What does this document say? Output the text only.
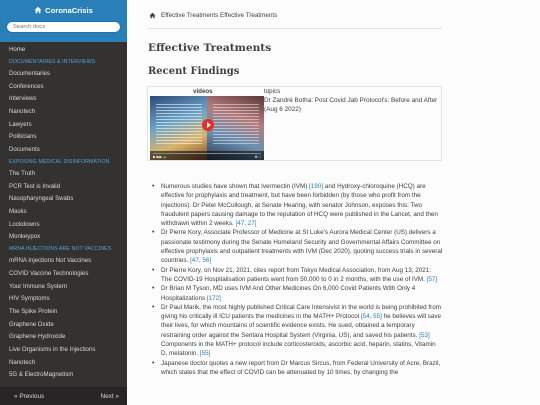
CoronaCrisis
Search docs
Home
DOCUMENTARIES & INTERVIEWS
Documentaries
Conferences
Interviews
Nanotech
Lawyers
Politicians
Documents
EXPOSING MEDICAL DISINFORMATION
The Truth
PCR Test is Invalid
Nasopharyngeal Swabs
Masks
Lockdowns
Monkeypox
MRNA INJECTIONS ARE NOT VACCINES
mRNA Injections Not Vaccines
COVID Vaccine Technologies
Your Immune System
HIV Symptoms
The Spike Protein
Graphene Oxide
Graphene Hydroxide
Live Organisms in the Injections
Nanotech
5G & ElectroMagnetism
« Previous	Next »
Effective Treatments Effective Treatments
Effective Treatments
Recent Findings
videos	topics
▶ ▶▶ 🔈	⚙ ⛶
Dr Zandré Botha: Post Covid Jab Protocol's: Before and After (Aug 6 2022)
• Numerous studies have shown that Ivermectin (IVM) [190] and Hydroxy-chloroquine (HCQ) are effective for prophylaxis and treatment, but have been forbidden (by those who profit from the injections). Dr Peter McCullough, at Senate Hearing, with senator Johnson, exposes this: Two fraudulent papers causing damage to the reputation of HCQ were published in the Lancet, and then withdrawn within 2 weeks. [47, 27]
• Dr Pierre Kory, Associate Professor of Medicine at St Luke's Aurora Medical Center (US) delivers a passionate testimony during the Senate Homeland Security and Governmental Affairs Committee on effective prophylaxis and outpatient treatments with IVM (Dec 2020), quoting success trials in several countries. [47, 56]
• Dr Pierre Kory, on Nov 21, 2021, cites report from Tokyo Medical Association, from Aug 13, 2021: The COVID-19 Hospitalisation patients went from 50,000 to 0 in 2 months, with the use of IVM. [57]
• Dr Brian M Tyson, MD uses IVM And Other Medicines On 6,000 Covid Patients With Only 4 Hospitalizations [172]
• Dr Paul Marik, the most highly published Critical Care Intensivist in the world is being prohibited from giving his critically ill ICU patients the medicines in the MATH+ Protocol [54, 55] he believes will save their lives, for which mountains of scientific evidence exists. He sued, obtained a temporary restraining order against the Sentara Hospital System (Virginia, US), and saved his patients. [53] Components in the MATH+ protocol include corticosteroids, ascorbic acid, heparin, statins, Vitamin D, melatonin. [55]
• Japanese doctor quotes a new report from Dr Marcus Sircus, from Federal University of Acre, Brazil, which states that the effect of COVID can be attenuated by 10 times, by changing the
